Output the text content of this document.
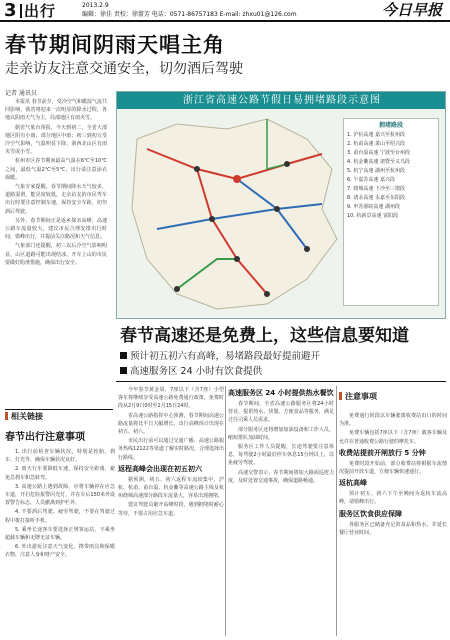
3 出行	2013.2.9
编辑：徐佳 责校：徐蔷芳 电话：0571-86757183 E-mail: zhxu01@126.com	今日早报
春节期间阴雨天唱主角
走亲访友注意交通安全，切勿酒后驾驶
记者 通讯员

本报讯 春节前夕，受冷空气和暖湿气流共同影响，我省将迎来一次明显的降水过程，各地以阴雨天气为主，局部地区有雨夹雪。

据省气象台预报，今天到初二，全省大部地区阴有小雨，部分地区中雨；初三到初五受冷空气影响，气温明显下降，浙西北山区有雨夹雪或小雪。

杭州市区春节期间最高气温在6℃至10℃之间，最低气温2℃至5℃，出行请注意添衣保暖。

气象专家提醒，春节期间降水天气较多，道路湿滑，能见度较低，走亲访友的市民驾车出行时要注意控制车速，保持安全车距，切勿酒后驾驶。

另外，春节期间正是返乡探亲高峰，高速公路车流量较大，建议市民合理安排出行时间，错峰出行，并提前关注路况和天气信息。

气象部门还提醒，初三以后冷空气影响明显，山区道路可能出现结冰，开车上山的市民要做好防滑措施，确保出行安全。

浙江省高速公路节假日易拥堵路段示意图
拥堵路段
1. 沪杭高速 嘉兴至杭州段
2. 杭甬高速 萧山至绍兴段
3. 甬台温高速 宁波至台州段
4. 杭金衢高速 诸暨至义乌段
5. 杭宁高速 湖州至杭州段
6. 乍嘉苏高速 嘉兴段
7. 绕城高速 下沙至三墩段
8. 诸永高速 永嘉至东阳段
9. 申苏浙皖高速 湖州段
10. 杭新景高速 富阳段
春节高速还是免费上，这些信息要知道
预计初五初六有高峰，易堵路段最好提前避开
高速服务区 24 小时有饮食提供

今年春节黄金周，7座以下（含7座）小型客车将继续享受高速公路免费通行政策，免费时段从2月9日0时至2月15日24时。

省高速公路指挥中心预测，春节期间高速公路流量将比平日大幅增长，出行高峰预计出现在初五、初六。

市民出行前可以通过交通广播、高速公路服务热线12122等渠道了解实时路况，合理选择出行路线。

返程高峰会出现在初五初六

据预测，初五、初六返程车流较集中，沪杭、杭甬、甬台温、杭金衢等高速公路主线及杭州绕城高速部分路段车流量大，容易出现拥堵。

建议驾驶员避开高峰时段，遇到拥堵时耐心等待，不要占用应急车道。

高速服务区 24 小时提供热水餐饮

春节期间，全省高速公路服务区将24小时营业，提供热水、快餐、方便食品等服务，满足过往司乘人员需求。

部分服务区还将增加加油设备和工作人员，缩短排队加油时间。

服务区工作人员提醒，长途驾驶要注意休息，每驾驶2小时最好停车休息15分钟以上，以免疲劳驾驶。

高速交警表示，春节期间将加大路面巡逻力度，及时处置交通事故，确保道路畅通。

注意事项

免费通行时段以车辆驶离收费站出口的时间为准。

免费车辆包括7座以下（含7座）载客车辆及允许在普通收费公路行驶的摩托车。

收费站提前开闸放行 5 分钟

免费时段开始前，部分收费站将根据车流情况提前开放车道，方便车辆快速通行。

返杭高峰

预计初五、初六下午至晚间为返杭车流高峰，请错峰出行。

服务区饮食供应保障

各服务区已储备充足的食品和热水，并延长餐厅营业时间。

相关链接
春节出行注意事项

1. 出行前检查车辆状况，特别是轮胎、刹车、灯光等，确保车辆状况良好。

2. 雨天行车要降低车速，保持安全距离，避免急刹车和急转弯。

3. 高速公路上遇到故障，应将车辆停在应急车道，开启危险报警闪光灯，并在车后150米外设置警告标志，人员撤离到护栏外。

4. 不要酒后驾驶、疲劳驾驶，不要在驾驶过程中拨打接听手机。

5. 乘坐长途客车要选择正规客运站，不乘坐超载车辆和无牌无证车辆。

6. 外出游玩注意天气变化，携带雨具和保暖衣物，注意人身和财产安全。
